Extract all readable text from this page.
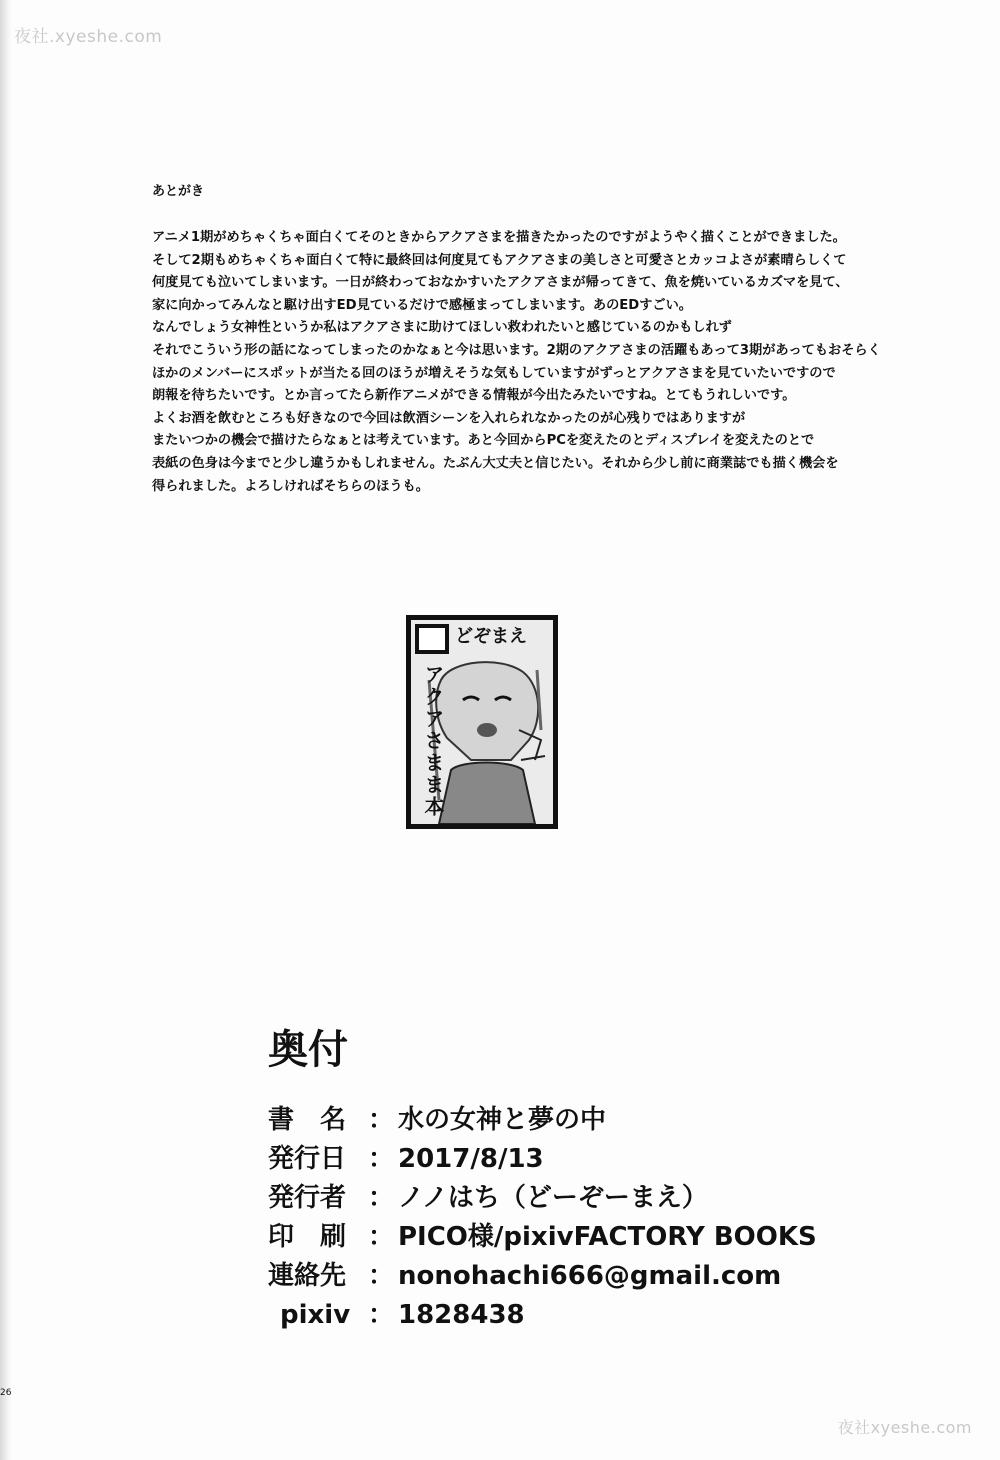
夜社.xyeshe.com
あとがき

アニメ1期がめちゃくちゃ面白くてそのときからアクアさまを描きたかったのですがようやく描くことができました。

そして2期もめちゃくちゃ面白くて特に最終回は何度見てもアクアさまの美しさと可愛さとカッコよさが素晴らしくて

何度見ても泣いてしまいます。一日が終わっておなかすいたアクアさまが帰ってきて、魚を焼いているカズマを見て、

家に向かってみんなと駆け出すED見ているだけで感極まってしまいます。あのEDすごい。

なんでしょう女神性というか私はアクアさまに助けてほしい救われたいと感じているのかもしれず

それでこういう形の話になってしまったのかなぁと今は思います。2期のアクアさまの活躍もあって3期があってもおそらく

ほかのメンバーにスポットが当たる回のほうが増えそうな気もしていますがずっとアクアさまを見ていたいですので

朗報を待ちたいです。とか言ってたら新作アニメができる情報が今出たみたいですね。とてもうれしいです。

よくお酒を飲むところも好きなので今回は飲酒シーンを入れられなかったのが心残りではありますが

またいつかの機会で描けたらなぁとは考えています。あと今回からPCを変えたのとディスプレイを変えたのとで

表紙の色身は今までと少し違うかもしれません。たぶん大丈夫と信じたい。それから少し前に商業誌でも描く機会を

得られました。よろしければそちらのほうも。

どぞまえ
アクアさまま本
奥付
書　名 ： 水の女神と夢の中
発行日 ： 2017/8/13
発行者 ： ノノはち（どーぞーまえ）
印　刷 ： PICO様/pixivFACTORY BOOKS
連絡先 ： nonohachi666@gmail.com
pixiv ： 1828438
26
夜社xyeshe.com
